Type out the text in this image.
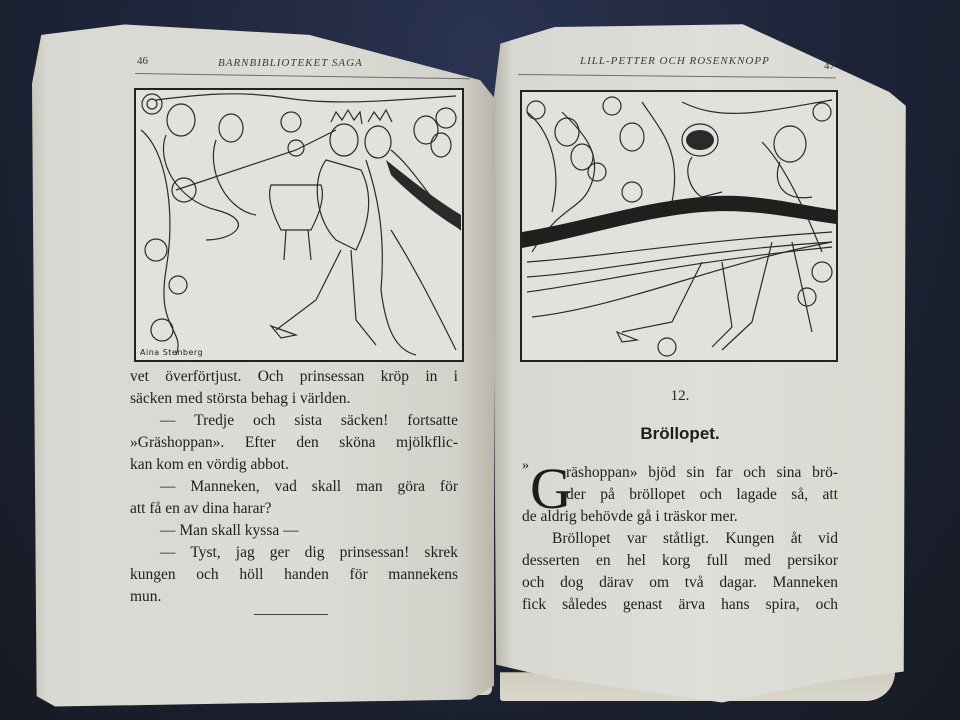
46	BARNBIBLIOTEKET SAGA
Aina Stenberg
vet överförtjust. Och prinsessan kröp in i
säcken med största behag i världen.
— Tredje och sista säcken! fortsatte
»Gräshoppan». Efter den sköna mjölkflic-
kan kom en vördig abbot.
— Manneken, vad skall man göra för
att få en av dina harar?
— Man skall kyssa —
— Tyst, jag ger dig prinsessan! skrek
kungen och höll handen för mannekens
mun.
LILL-PETTER OCH ROSENKNOPP	47
12.
Bröllopet.
» G
räshoppan» bjöd sin far och sina brö-
der på bröllopet och lagade så, att
de aldrig behövde gå i träskor mer.
Bröllopet var ståtligt. Kungen åt vid
desserten en hel korg full med persikor
och dog därav om två dagar. Manneken
fick således genast ärva hans spira, och
